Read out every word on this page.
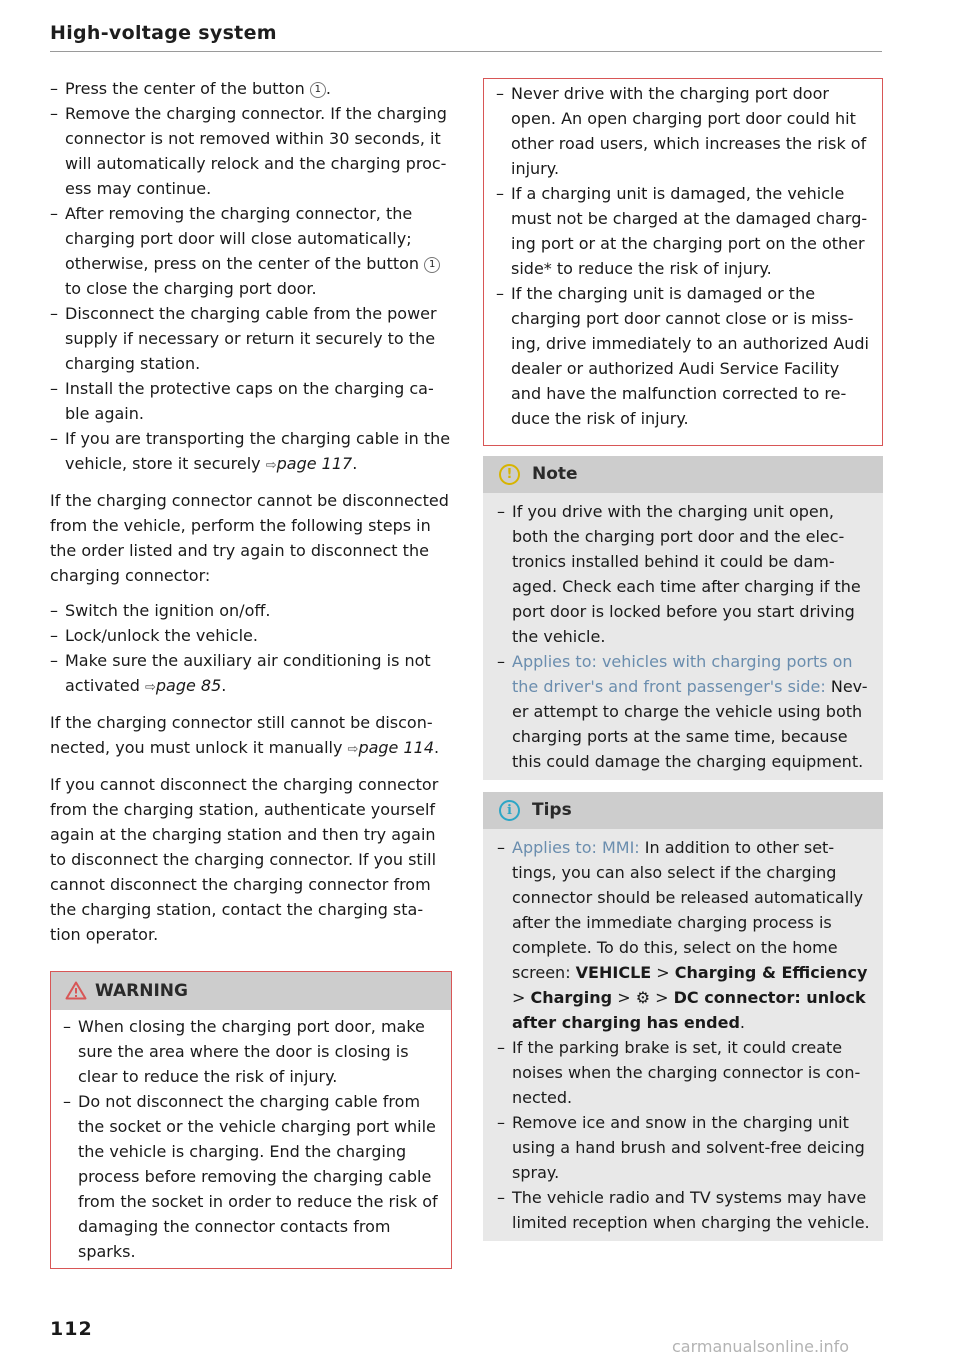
High-voltage system
– Press the center of the button 1 .
– Remove the charging connector. If the charging connector is not removed within 30 seconds, it will automatically relock and the charging proc-ess may continue.
– After removing the charging connector, the charging port door will close automatically; otherwise, press on the center of the button 1 to close the charging port door.
– Disconnect the charging cable from the power supply if necessary or return it securely to the charging station.
– Install the protective caps on the charging ca-ble again.
– If you are transporting the charging cable in the vehicle, store it securely ⇨page 117.

If the charging connector cannot be disconnected from the vehicle, perform the following steps in the order listed and try again to disconnect the charging connector:

– Switch the ignition on/off.
– Lock/unlock the vehicle.
– Make sure the auxiliary air conditioning is not activated ⇨page 85.

If the charging connector still cannot be discon-nected, you must unlock it manually ⇨page 114.

If you cannot disconnect the charging connector from the charging station, authenticate yourself again at the charging station and then try again to disconnect the charging connector. If you still cannot disconnect the charging connector from the charging station, contact the charging sta-tion operator.

WARNING
– When closing the charging port door, make sure the area where the door is closing is clear to reduce the risk of injury.
– Do not disconnect the charging cable from the socket or the vehicle charging port while the vehicle is charging. End the charging process before removing the charging cable from the socket in order to reduce the risk of damaging the connector contacts from sparks.
– Never drive with the charging port door open. An open charging port door could hit other road users, which increases the risk of injury.
– If a charging unit is damaged, the vehicle must not be charged at the damaged charg-ing port or at the charging port on the other side* to reduce the risk of injury.
– If the charging unit is damaged or the charging port door cannot close or is miss-ing, drive immediately to an authorized Audi dealer or authorized Audi Service Facility and have the malfunction corrected to re-duce the risk of injury.
! Note
– If you drive with the charging unit open, both the charging port door and the elec-tronics installed behind it could be dam-aged. Check each time after charging if the port door is locked before you start driving the vehicle.
– Applies to: vehicles with charging ports on the driver's and front passenger's side: Nev-er attempt to charge the vehicle using both charging ports at the same time, because this could damage the charging equipment.
i Tips
– Applies to: MMI: In addition to other set-tings, you can also select if the charging connector should be released automatically after the immediate charging process is complete. To do this, select on the home screen: VEHICLE > Charging & Efficiency > Charging > ⚙ > DC connector: unlock after charging has ended.
– If the parking brake is set, it could create noises when the charging connector is con-nected.
– Remove ice and snow in the charging unit using a hand brush and solvent-free deicing spray.
– The vehicle radio and TV systems may have limited reception when charging the vehicle.
112
carmanualsonline.info
